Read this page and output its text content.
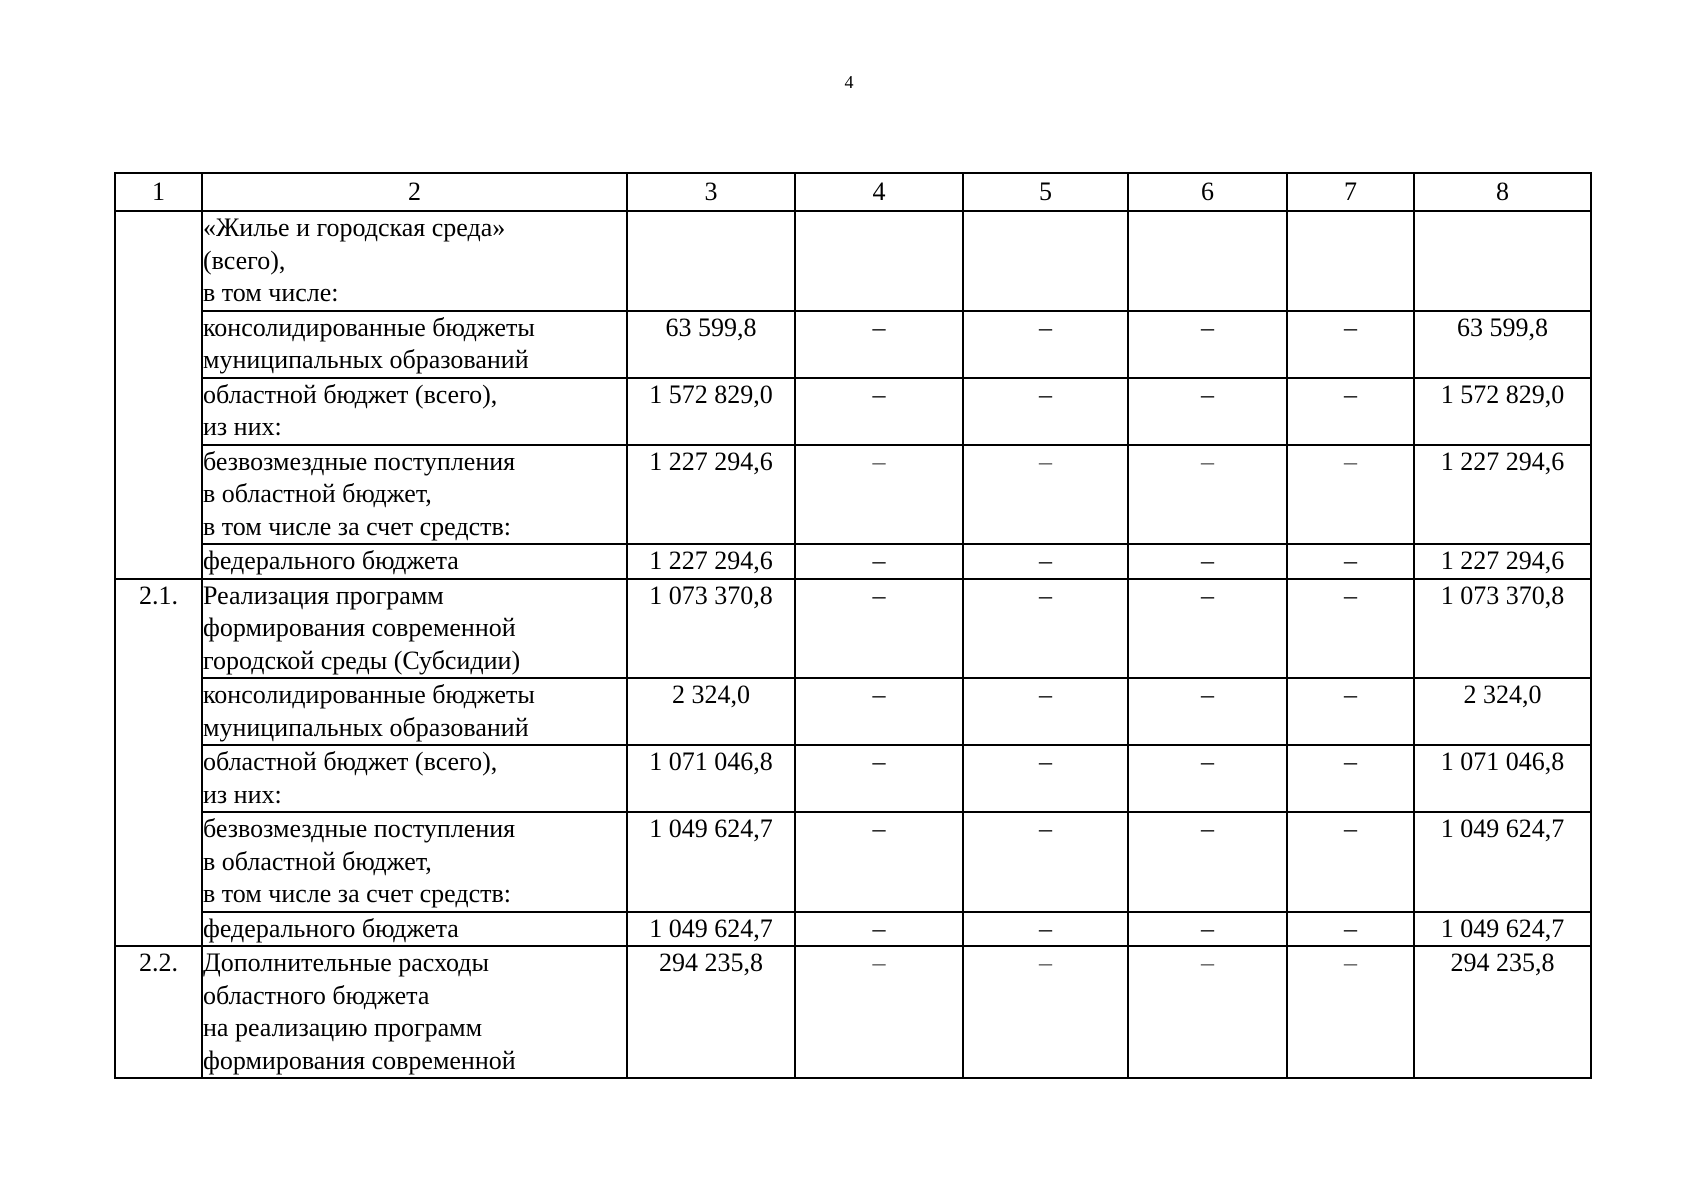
4
1	2	3	4	5	6	7	8

	«Жилье и городская среда»
(всего),
в том числе:						

	консолидированные бюджеты
муниципальных образований	63 599,8	–	–	–	–	63 599,8

	областной бюджет (всего),
из них:	1 572 829,0	–	–	–	–	1 572 829,0

	безвозмездные поступления
в областной бюджет,
в том числе за счет средств:	1 227 294,6	–	–	–	–	1 227 294,6

	федерального бюджета	1 227 294,6	–	–	–	–	1 227 294,6
2.1.	Реализация программ
формирования современной
городской среды (Субсидии)	1 073 370,8	–	–	–	–	1 073 370,8

	консолидированные бюджеты
муниципальных образований	2 324,0	–	–	–	–	2 324,0

	областной бюджет (всего),
из них:	1 071 046,8	–	–	–	–	1 071 046,8

	безвозмездные поступления
в областной бюджет,
в том числе за счет средств:	1 049 624,7	–	–	–	–	1 049 624,7

	федерального бюджета	1 049 624,7	–	–	–	–	1 049 624,7
2.2.	Дополнительные расходы
областного бюджета
на реализацию программ
формирования современной	294 235,8	–	–	–	–	294 235,8
